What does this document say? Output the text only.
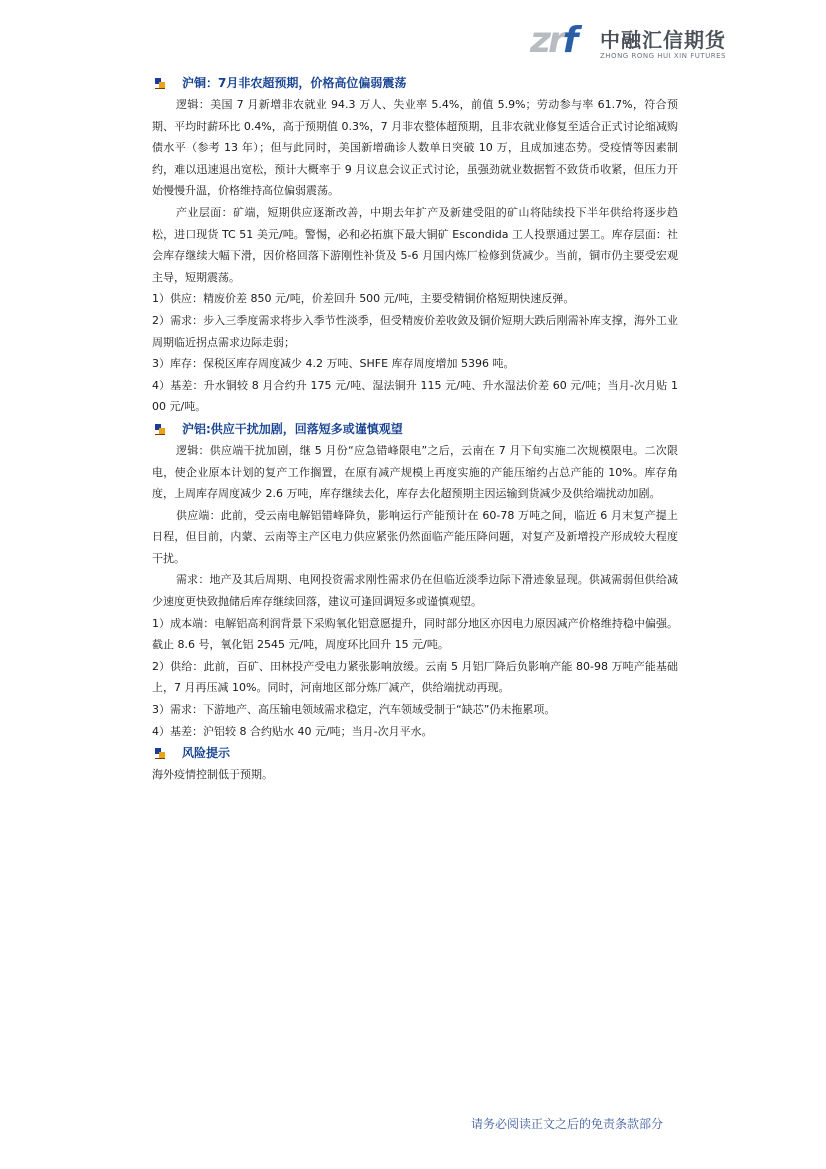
zrf 中融汇信期货
ZHONG RONG HUI XIN FUTURES
沪铜：7月非农超预期，价格高位偏弱震荡

逻辑：美国 7 月新增非农就业 94.3 万人、失业率 5.4%，前值 5.9%；劳动参与率 61.7%，符合预期、平均时薪环比 0.4%，高于预期值 0.3%，7 月非农整体超预期，且非农就业修复至适合正式讨论缩减购债水平（参考 13 年）；但与此同时，美国新增确诊人数单日突破 10 万，且成加速态势。受疫情等因素制约，难以迅速退出宽松，预计大概率于 9 月议息会议正式讨论，虽强劲就业数据暂不致货币收紧，但压力开始慢慢升温，价格维持高位偏弱震荡。

产业层面：矿端，短期供应逐渐改善，中期去年扩产及新建受阻的矿山将陆续投下半年供给将逐步趋松，进口现货 TC 51 美元/吨。警惕，必和必拓旗下最大铜矿 Escondida 工人投票通过罢工。库存层面：社会库存继续大幅下滑，因价格回落下游刚性补货及 5-6 月国内炼厂检修到货减少。当前，铜市仍主要受宏观主导，短期震荡。

1）供应：精废价差 850 元/吨，价差回升 500 元/吨，主要受精铜价格短期快速反弹。

2）需求：步入三季度需求将步入季节性淡季，但受精废价差收敛及铜价短期大跌后刚需补库支撑，海外工业周期临近拐点需求边际走弱；

3）库存：保税区库存周度减少 4.2 万吨、SHFE 库存周度增加 5396 吨。

4）基差：升水铜较 8 月合约升 175 元/吨、湿法铜升 115 元/吨、升水湿法价差 60 元/吨；当月-次月贴 100 元/吨。

沪铝:供应干扰加剧，回落短多或谨慎观望

逻辑：供应端干扰加剧，继 5 月份“应急错峰限电”之后，云南在 7 月下旬实施二次规模限电。二次限电，使企业原本计划的复产工作搁置，在原有减产规模上再度实施的产能压缩约占总产能的 10%。库存角度，上周库存周度减少 2.6 万吨，库存继续去化，库存去化超预期主因运输到货减少及供给端扰动加剧。

供应端：此前，受云南电解铝错峰降负，影响运行产能预计在 60-78 万吨之间，临近 6 月末复产提上日程，但目前，内蒙、云南等主产区电力供应紧张仍然面临产能压降问题，对复产及新增投产形成较大程度干扰。

需求：地产及其后周期、电网投资需求刚性需求仍在但临近淡季边际下滑迹象显现。供减需弱但供给减少速度更快致抛储后库存继续回落，建议可逢回调短多或谨慎观望。

1）成本端：电解铝高利润背景下采购氧化铝意愿提升，同时部分地区亦因电力原因减产价格维持稳中偏强。截止 8.6 号，氧化铝 2545 元/吨，周度环比回升 15 元/吨。

2）供给：此前，百矿、田林投产受电力紧张影响放缓。云南 5 月铝厂降后负影响产能 80-98 万吨产能基础上，7 月再压减 10%。同时，河南地区部分炼厂减产，供给端扰动再现。

3）需求：下游地产、高压输电领域需求稳定，汽车领域受制于“缺芯”仍未拖累项。

4）基差：沪铝较 8 合约贴水 40 元/吨；当月-次月平水。

风险提示

海外疫情控制低于预期。

请务必阅读正文之后的免责条款部分
